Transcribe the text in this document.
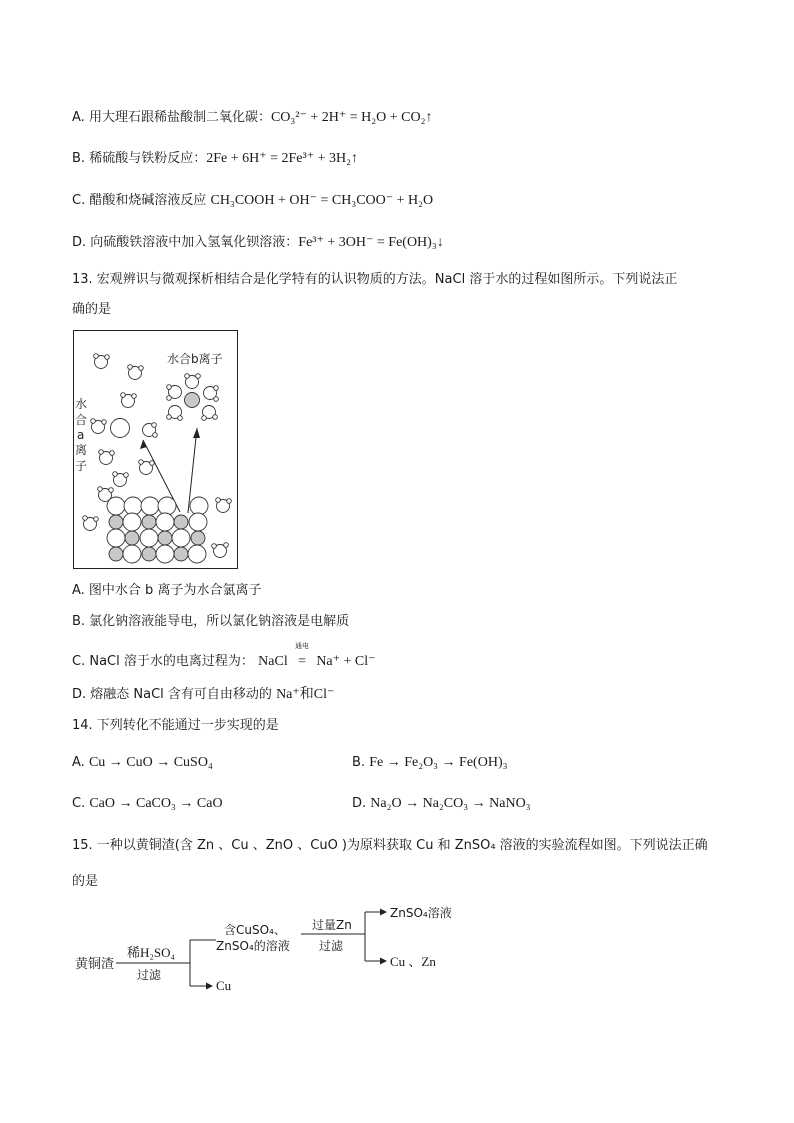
A. 用大理石跟稀盐酸制二氧化碳：CO₃²⁻ + 2H⁺ = H₂O + CO₂↑
B. 稀硫酸与铁粉反应：2Fe + 6H⁺ = 2Fe³⁺ + 3H₂↑
C. 醋酸和烧碱溶液反应 CH₃COOH + OH⁻ = CH₃COO⁻ + H₂O
D. 向硫酸铁溶液中加入氢氧化钡溶液：Fe³⁺ + 3OH⁻ = Fe(OH)₃↓
13. 宏观辨识与微观探析相结合是化学特有的认识物质的方法。NaCl 溶于水的过程如图所示。下列说法正
确的是
水合b离子
水
合
a
离
子
A. 图中水合 b 离子为水合氯离子
B. 氯化钠溶液能导电，所以氯化钠溶液是电解质
C. NaCl 溶于水的电离过程为： NaCl
通电
= Na⁺ + Cl⁻
D. 熔融态 NaCl 含有可自由移动的 Na⁺和Cl⁻
14. 下列转化不能通过一步实现的是
A. Cu → CuO → CuSO₄	B. Fe → Fe₂O₃ → Fe(OH)₃
C. CaO → CaCO₃ → CaO	D. Na₂O → Na₂CO₃ → NaNO₃
15. 一种以黄铜渣(含 Zn 、Cu 、ZnO 、CuO )为原料获取 Cu 和 ZnSO₄ 溶液的实验流程如图。下列说法正确
的是
黄铜渣
稀H₂SO₄
过滤
Cu
含CuSO₄、
ZnSO₄的溶液
过量Zn
过滤
ZnSO₄溶液
Cu 、Zn
